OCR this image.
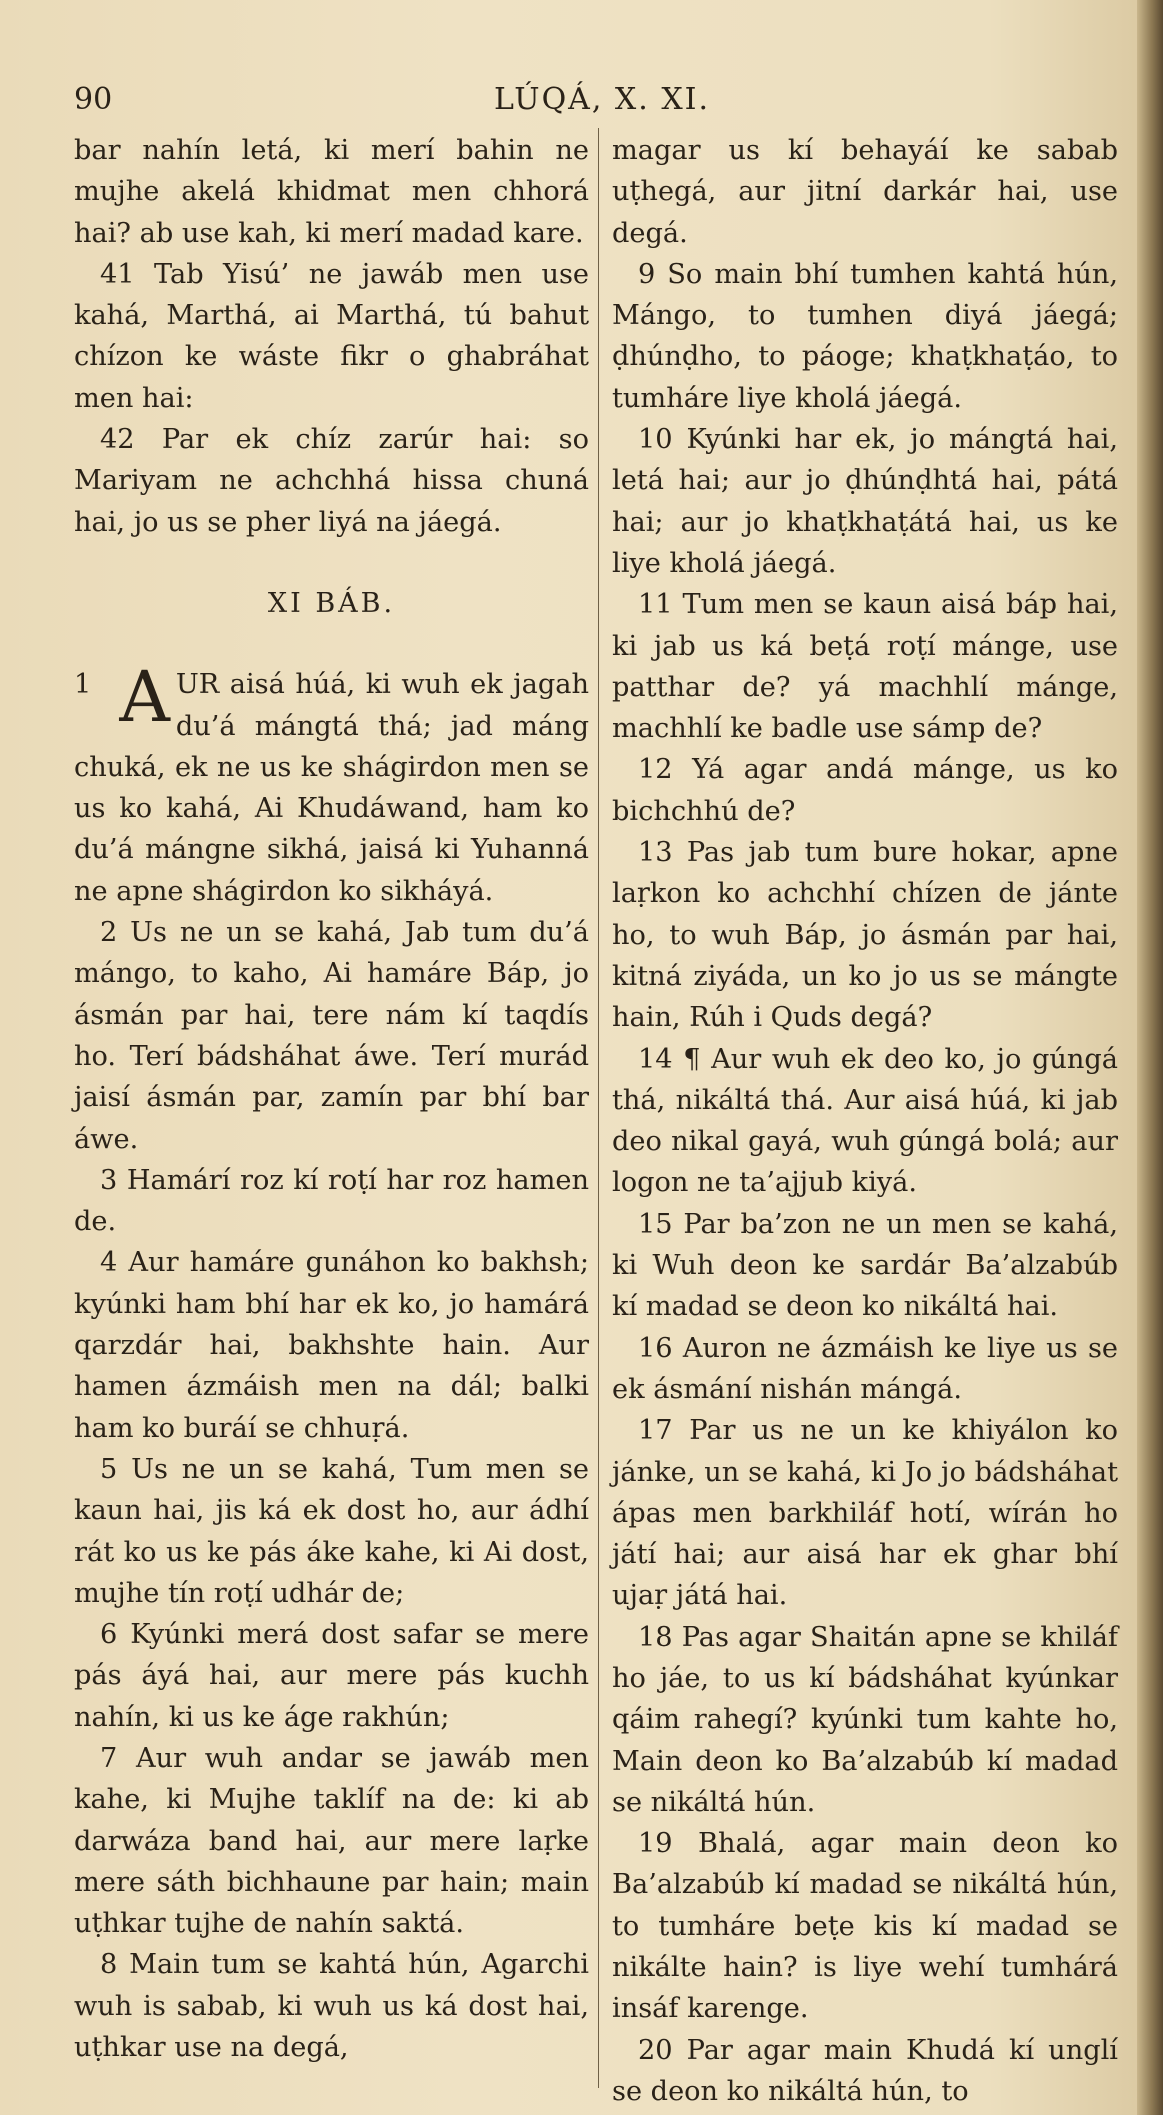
90	LÚQÁ, X. XI.

bar nahín letá, ki merí bahin ne mujhe akelá khidmat men chhorá hai? ab use kah, ki merí madad kare.

41 Tab Yisú’ ne jawáb men use kahá, Marthá, ai Marthá, tú bahut chízon ke wáste fikr o ghabráhat men hai:

42 Par ek chíz zarúr hai: so Mariyam ne achchhá hissa chuná hai, jo us se pher liyá na jáegá.

XI BÁB.

1 A UR aisá húá, ki wuh ek jagah du’á mángtá thá; jad máng chuká, ek ne us ke shágirdon men se us ko kahá, Ai Khudáwand, ham ko du’á mángne sikhá, jaisá ki Yuhanná ne apne shágirdon ko sikháyá.

2 Us ne un se kahá, Jab tum du’á mángo, to kaho, Ai hamáre Báp, jo ásmán par hai, tere nám kí taqdís ho. Terí bádsháhat áwe. Terí murád jaisí ásmán par, zamín par bhí bar áwe.

3 Hamárí roz kí roṭí har roz hamen de.

4 Aur hamáre gunáhon ko bakhsh; kyúnki ham bhí har ek ko, jo hamárá qarzdár hai, bakhshte hain. Aur hamen ázmáish men na dál; balki ham ko buráí se chhuṛá.

5 Us ne un se kahá, Tum men se kaun hai, jis ká ek dost ho, aur ádhí rát ko us ke pás áke kahe, ki Ai dost, mujhe tín roṭí udhár de;

6 Kyúnki merá dost safar se mere pás áyá hai, aur mere pás kuchh nahín, ki us ke áge rakhún;

7 Aur wuh andar se jawáb men kahe, ki Mujhe taklíf na de: ki ab darwáza band hai, aur mere laṛke mere sáth bichhaune par hain; main uṭhkar tujhe de nahín saktá.

8 Main tum se kahtá hún, Agarchi wuh is sabab, ki wuh us ká dost hai, uṭhkar use na degá,

magar us kí behayáí ke sabab uṭhegá, aur jitní darkár hai, use degá.

9 So main bhí tumhen kahtá hún, Mángo, to tumhen diyá jáegá; ḍhúnḍho, to páoge; khaṭkhaṭáo, to tumháre liye kholá jáegá.

10 Kyúnki har ek, jo mángtá hai, letá hai; aur jo ḍhúnḍhtá hai, pátá hai; aur jo khaṭkhaṭátá hai, us ke liye kholá jáegá.

11 Tum men se kaun aisá báp hai, ki jab us ká beṭá roṭí mánge, use patthar de? yá machhlí mánge, machhlí ke badle use sámp de?

12 Yá agar andá mánge, us ko bichchhú de?

13 Pas jab tum bure hokar, apne laṛkon ko achchhí chízen de jánte ho, to wuh Báp, jo ásmán par hai, kitná ziyáda, un ko jo us se mángte hain, Rúh i Quds degá?

14 ¶ Aur wuh ek deo ko, jo gúngá thá, nikáltá thá. Aur aisá húá, ki jab deo nikal gayá, wuh gúngá bolá; aur logon ne ta’ajjub kiyá.

15 Par ba’zon ne un men se kahá, ki Wuh deon ke sardár Ba’alzabúb kí madad se deon ko nikáltá hai.

16 Auron ne ázmáish ke liye us se ek ásmání nishán mángá.

17 Par us ne un ke khiyálon ko jánke, un se kahá, ki Jo jo bádsháhat ápas men barkhiláf hotí, wírán ho játí hai; aur aisá har ek ghar bhí ujaṛ játá hai.

18 Pas agar Shaitán apne se khiláf ho jáe, to us kí bádsháhat kyúnkar qáim rahegí? kyúnki tum kahte ho, Main deon ko Ba’alzabúb kí madad se nikáltá hún.

19 Bhalá, agar main deon ko Ba’alzabúb kí madad se nikáltá hún, to tumháre beṭe kis kí madad se nikálte hain? is liye wehí tumhárá insáf karenge.

20 Par agar main Khudá kí unglí se deon ko nikáltá hún, to
